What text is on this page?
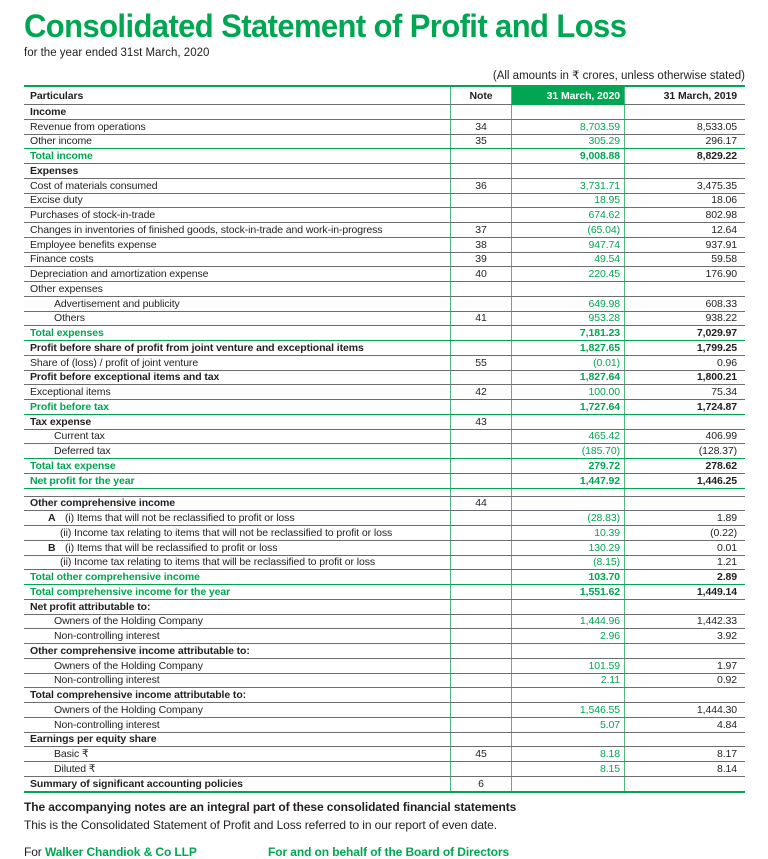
Consolidated Statement of Profit and Loss
for the year ended 31st March, 2020
(All amounts in ₹ crores, unless otherwise stated)
Particulars	Note	31 March, 2020	31 March, 2019
Income
Revenue from operations	34	8,703.59	8,533.05
Other income	35	305.29	296.17
Total income	9,008.88	8,829.22
Expenses
Cost of materials consumed	36	3,731.71	3,475.35
Excise duty	18.95	18.06
Purchases of stock-in-trade	674.62	802.98
Changes in inventories of finished goods, stock-in-trade and work-in-progress	37	(65.04)	12.64
Employee benefits expense	38	947.74	937.91
Finance costs	39	49.54	59.58
Depreciation and amortization expense	40	220.45	176.90
Other expenses
Advertisement and publicity	649.98	608.33
Others	41	953.28	938.22
Total expenses	7,181.23	7,029.97
Profit before share of profit from joint venture and exceptional items	1,827.65	1,799.25
Share of (loss) / profit of joint venture	55	(0.01)	0.96
Profit before exceptional items and tax	1,827.64	1,800.21
Exceptional items	42	100.00	75.34
Profit before tax	1,727.64	1,724.87
Tax expense	43
Current tax	465.42	406.99
Deferred tax	(185.70)	(128.37)
Total tax expense	279.72	278.62
Net profit for the year	1,447.92	1,446.25
Other comprehensive income	44
A (i) Items that will not be reclassified to profit or loss	(28.83)	1.89
(ii) Income tax relating to items that will not be reclassified to profit or loss	10.39	(0.22)
B (i) Items that will be reclassified to profit or loss	130.29	0.01
(ii) Income tax relating to items that will be reclassified to profit or loss	(8.15)	1.21
Total other comprehensive income	103.70	2.89
Total comprehensive income for the year	1,551.62	1,449.14
Net profit attributable to:
Owners of the Holding Company	1,444.96	1,442.33
Non-controlling interest	2.96	3.92
Other comprehensive income attributable to:
Owners of the Holding Company	101.59	1.97
Non-controlling interest	2.11	0.92
Total comprehensive income attributable to:
Owners of the Holding Company	1,546.55	1,444.30
Non-controlling interest	5.07	4.84
Earnings per equity share
Basic ₹	45	8.18	8.17
Diluted ₹	8.15	8.14
Summary of significant accounting policies	6
The accompanying notes are an integral part of these consolidated financial statements
This is the Consolidated Statement of Profit and Loss referred to in our report of even date.
For Walker Chandiok & Co LLP	For and on behalf of the Board of Directors
